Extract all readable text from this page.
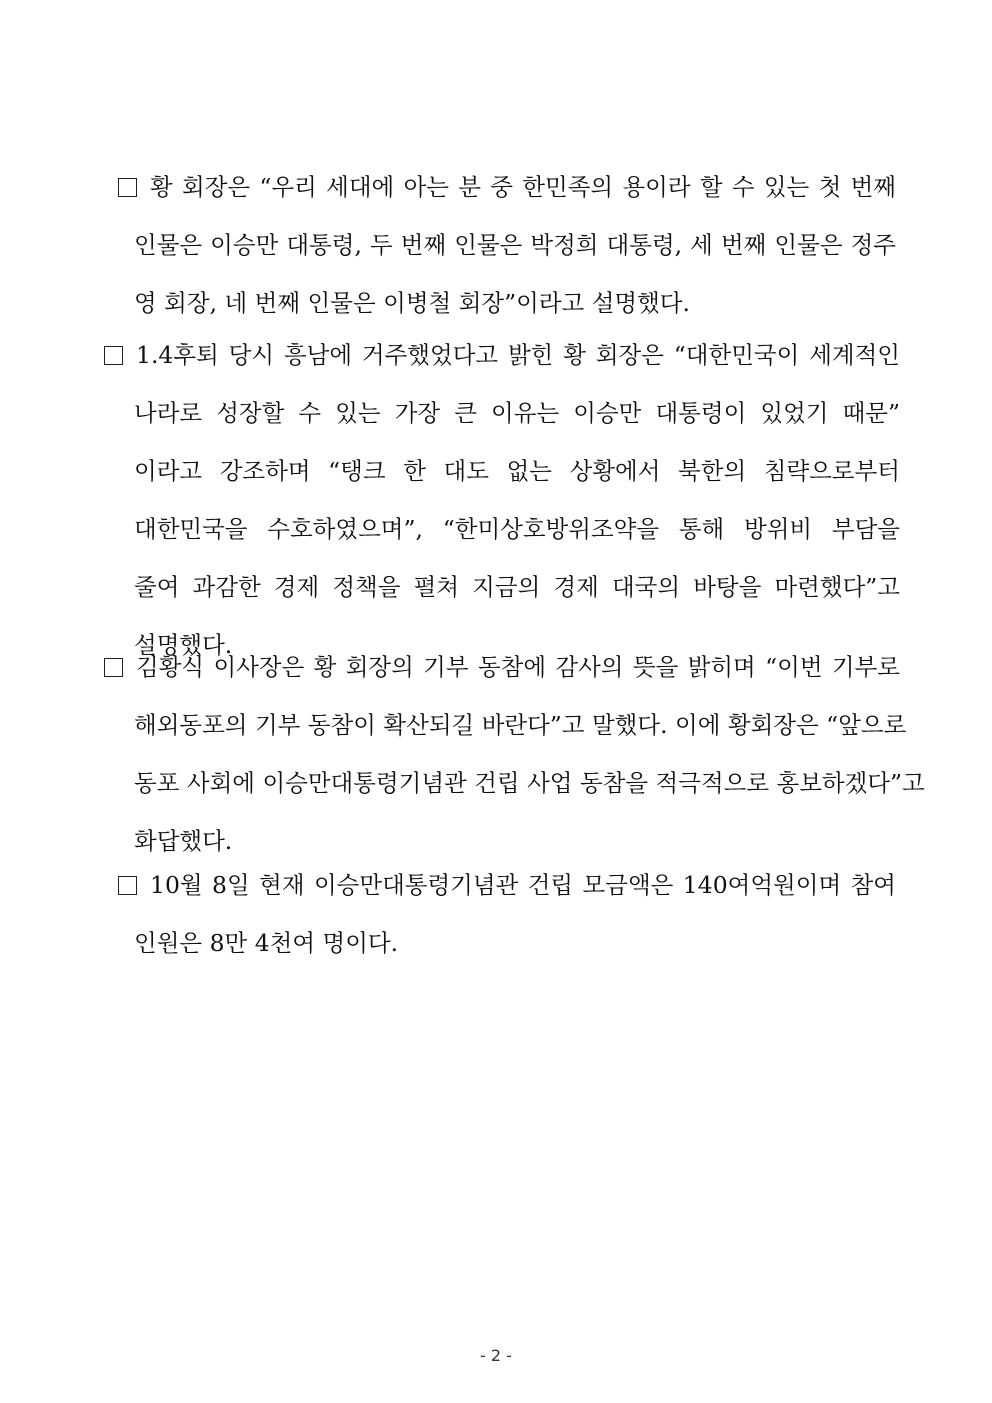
황 회장은 “우리 세대에 아는 분 중 한민족의 용이라 할 수 있는 첫 번째
인물은 이승만 대통령, 두 번째 인물은 박정희 대통령, 세 번째 인물은 정주
영 회장, 네 번째 인물은 이병철 회장”이라고 설명했다.
1.4후퇴 당시 흥남에 거주했었다고 밝힌 황 회장은 “대한민국이 세계적인
나라로 성장할 수 있는 가장 큰 이유는 이승만 대통령이 있었기 때문”
이라고 강조하며 “탱크 한 대도 없는 상황에서 북한의 침략으로부터
대한민국을 수호하였으며”, “한미상호방위조약을 통해 방위비 부담을
줄여 과감한 경제 정책을 펼쳐 지금의 경제 대국의 바탕을 마련했다”고
설명했다.
김황식 이사장은 황 회장의 기부 동참에 감사의 뜻을 밝히며 “이번 기부로
해외동포의 기부 동참이 확산되길 바란다”고 말했다. 이에 황회장은 “앞으로
동포 사회에 이승만대통령기념관 건립 사업 동참을 적극적으로 홍보하겠다”고
화답했다.
10월 8일 현재 이승만대통령기념관 건립 모금액은 140여억원이며 참여
인원은 8만 4천여 명이다.
- 2 -
